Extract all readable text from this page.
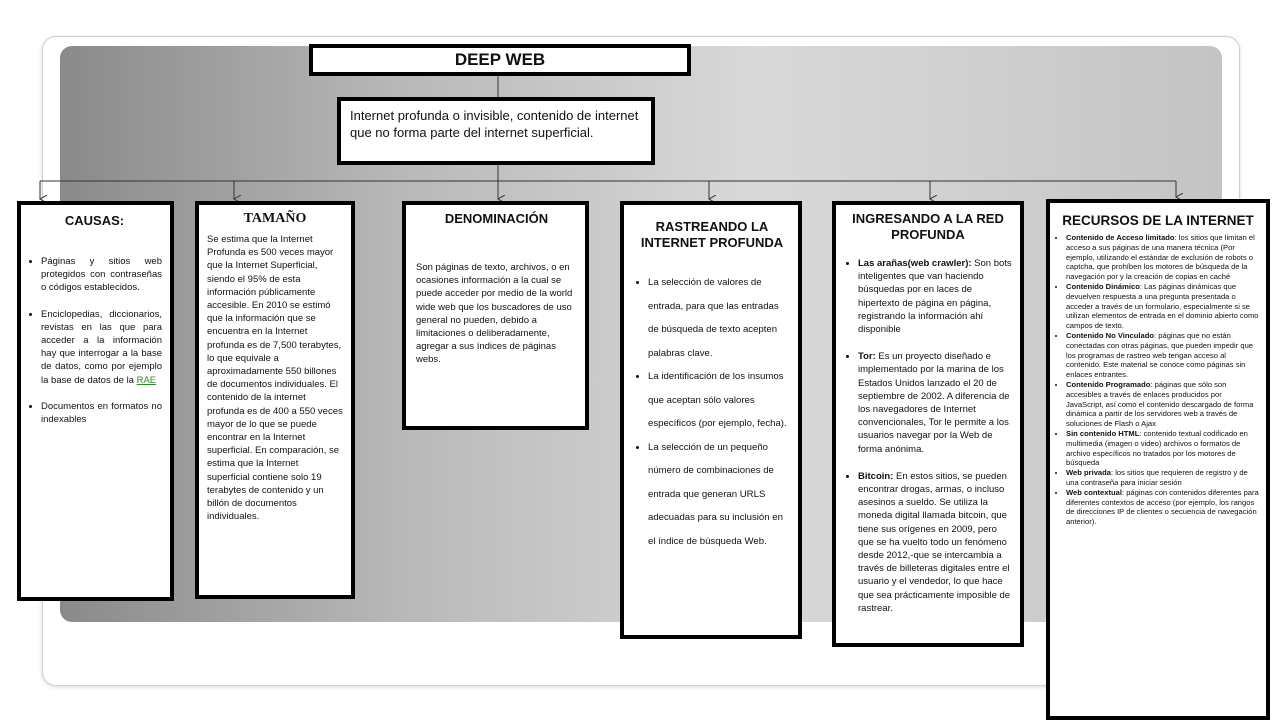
DEEP WEB
Internet profunda o invisible, contenido de internet que no forma parte del internet superficial.
CAUSAS:
• Páginas y sitios web protegidos con contraseñas o códigos establecidos.
• Enciclopedias, diccionarios, revistas en las que para acceder a la información hay que interrogar a la base de datos, como por ejemplo la base de datos de la RAE
• Documentos en formatos no indexables
TAMAÑO
Se estima que la Internet Profunda es 500 veces mayor que la Internet Superficial, siendo el 95% de esta información públicamente accesible. En 2010 se estimó que la información que se encuentra en la Internet profunda es de 7,500 terabytes, lo que equivale a aproximadamente 550 billones de documentos individuales. El contenido de la internet profunda es de 400 a 550 veces mayor de lo que se puede encontrar en la Internet superficial. En comparación, se estima que la Internet superficial contiene solo 19 terabytes de contenido y un billón de documentos individuales.
DENOMINACIÓN
Son páginas de texto, archivos, o en ocasiones información a la cual se puede acceder por medio de la world wide web que los buscadores de uso general no pueden, debido a limitaciones o deliberadamente, agregar a sus índices de páginas webs.
RASTREANDO LA INTERNET PROFUNDA
• La selección de valores de entrada, para que las entradas de búsqueda de texto acepten palabras clave.
• La identificación de los insumos que aceptan sólo valores específicos (por ejemplo, fecha).
• La selección de un pequeño número de combinaciones de entrada que generan URLS adecuadas para su inclusión en el índice de búsqueda Web.
INGRESANDO A LA RED PROFUNDA
• Las arañas(web crawler): Son bots inteligentes que van haciendo búsquedas por en laces de hipertexto de página en página, registrando la información ahí disponible
• Tor: Es un proyecto diseñado e implementado por la marina de los Estados Unidos lanzado el 20 de septiembre de 2002. A diferencia de los navegadores de Internet convencionales, Tor le permite a los usuarios navegar por la Web de forma anónima.
• Bitcoin: En estos sitios, se pueden encontrar drogas, armas, o incluso asesinos a sueldo. Se utiliza la moneda digital llamada bitcoin, que tiene sus orígenes en 2009, pero que se ha vuelto todo un fenómeno desde 2012,-que se intercambia a través de billeteras digitales entre el usuario y el vendedor, lo que hace que sea prácticamente imposible de rastrear.
RECURSOS DE LA INTERNET
• Contenido de Acceso limitado: los sitios que limitan el acceso a sus páginas de una manera técnica (Por ejemplo, utilizando el estándar de exclusión de robots o captcha, que prohíben los motores de búsqueda de la navegación por y la creación de copias en caché
• Contenido Dinámico: Las páginas dinámicas que devuelven respuesta a una pregunta presentada o acceder a través de un formulario, especialmente si se utilizan elementos de entrada en el dominio abierto como campos de texto.
• Contenido No Vinculado: páginas que no están conectadas con otras páginas, que pueden impedir que los programas de rastreo web tengan acceso al contenido. Este material se conoce como páginas sin enlaces entrantes.
• Contenido Programado: páginas que sólo son accesibles a través de enlaces producidos por JavaScript, así como el contenido descargado de forma dinámica a partir de los servidores web a través de soluciones de Flash o Ajax
• Sin contenido HTML: contenido textual codificado en multimedia (imagen o video) archivos o formatos de archivo específicos no tratados por los motores de búsqueda
• Web privada: los sitios que requieren de registro y de una contraseña para iniciar sesión
• Web contextual: páginas con contenidos diferentes para diferentes contextos de acceso (por ejemplo, los rangos de direcciones IP de clientes o secuencia de navegación anterior).
